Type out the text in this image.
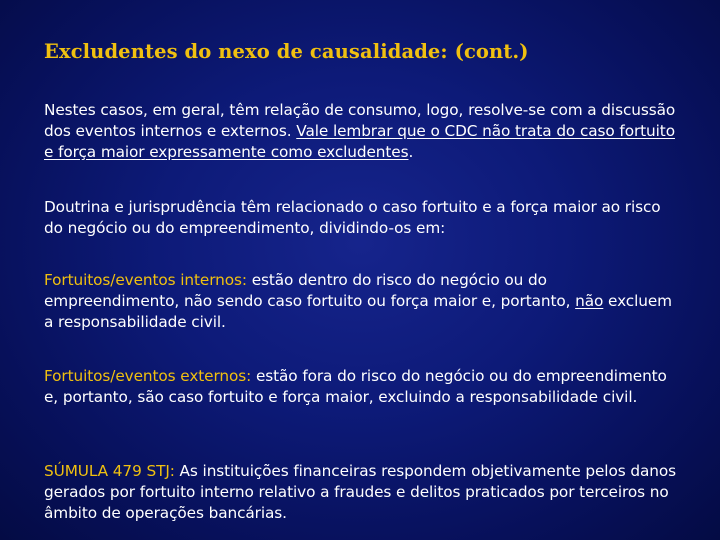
Excludentes do nexo de causalidade: (cont.)
Nestes casos, em geral, têm relação de consumo, logo, resolve-se com a discussão dos eventos internos e externos. Vale lembrar que o CDC não trata do caso fortuito e força maior expressamente como excludentes.
Doutrina e jurisprudência têm relacionado o caso fortuito e a força maior ao risco do negócio ou do empreendimento, dividindo-os em:
Fortuitos/eventos internos: estão dentro do risco do negócio ou do empreendimento, não sendo caso fortuito ou força maior e, portanto, não excluem a responsabilidade civil.
Fortuitos/eventos externos: estão fora do risco do negócio ou do empreendimento e, portanto, são caso fortuito e força maior, excluindo a responsabilidade civil.
SÚMULA 479 STJ: As instituições financeiras respondem objetivamente pelos danos gerados por fortuito interno relativo a fraudes e delitos praticados por terceiros no âmbito de operações bancárias.
